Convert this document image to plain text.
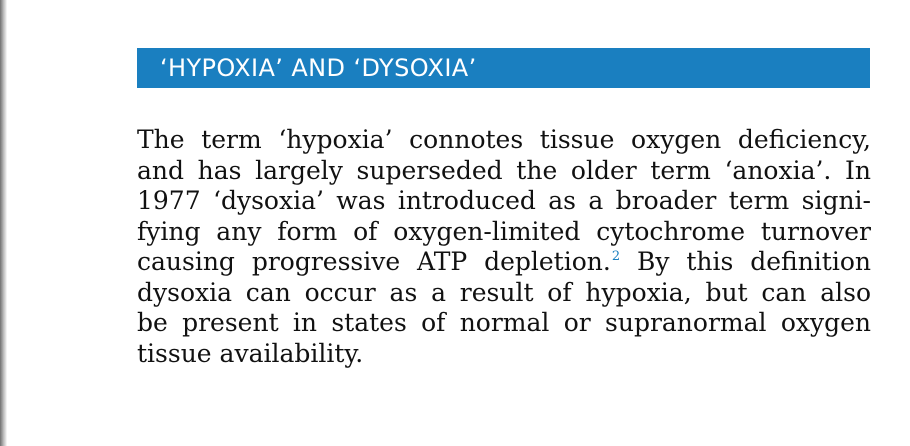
‘HYPOXIA’ AND ‘DYSOXIA’

The term ‘hypoxia’ connotes tissue oxygen deficiency,
and has largely superseded the older term ‘anoxia’. In
1977 ‘dysoxia’ was introduced as a broader term signi-
fying any form of oxygen-limited cytochrome turnover
causing progressive ATP depletion.$^2$ By this definition
dysoxia can occur as a result of hypoxia, but can also
be present in states of normal or supranormal oxygen
tissue availability.
